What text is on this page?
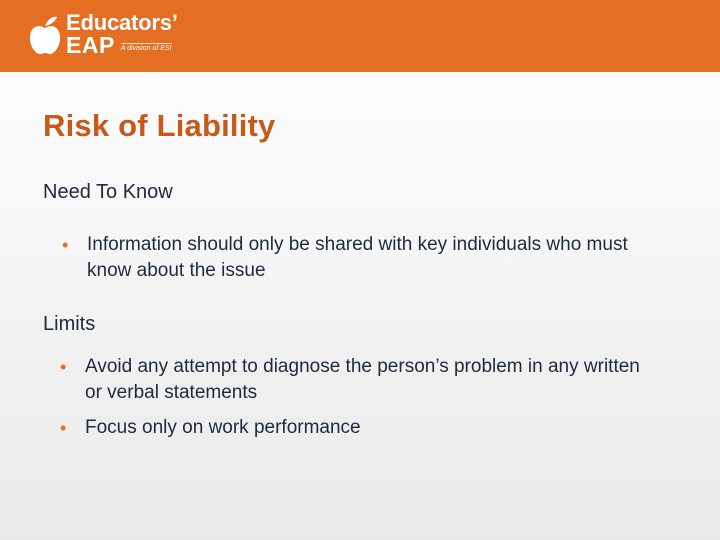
Educators’
EAP A division of ESI
Risk of Liability
Need To Know
• Information should only be shared with key individuals who must know about the issue
Limits
• Avoid any attempt to diagnose the person’s problem in any written or verbal statements
• Focus only on work performance
